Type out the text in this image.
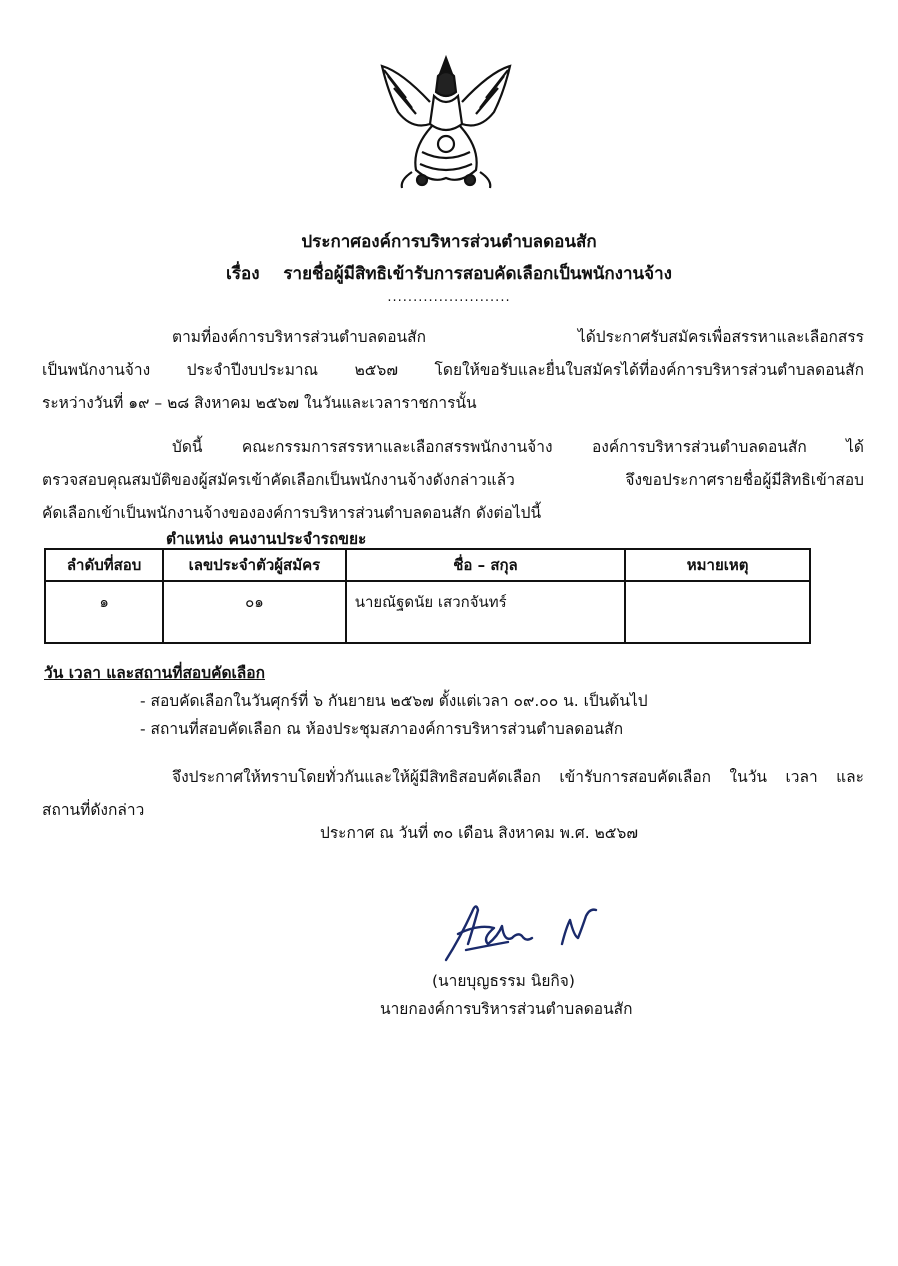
ประกาศองค์การบริหารส่วนตำบลดอนสัก
เรื่อง รายชื่อผู้มีสิทธิเข้ารับการสอบคัดเลือกเป็นพนักงานจ้าง
........................
ตามที่องค์การบริหารส่วนตำบลดอนสัก ได้ประกาศรับสมัครเพื่อสรรหาและเลือกสรร
เป็นพนักงานจ้าง ประจำปีงบประมาณ ๒๕๖๗ โดยให้ขอรับและยื่นใบสมัครได้ที่องค์การบริหารส่วนตำบลดอนสัก
ระหว่างวันที่ ๑๙ – ๒๘ สิงหาคม ๒๕๖๗ ในวันและเวลาราชการนั้น
บัดนี้ คณะกรรมการสรรหาและเลือกสรรพนักงานจ้าง องค์การบริหารส่วนตำบลดอนสัก ได้
ตรวจสอบคุณสมบัติของผู้สมัครเข้าคัดเลือกเป็นพนักงานจ้างดังกล่าวแล้ว จึงขอประกาศรายชื่อผู้มีสิทธิเข้าสอบ
คัดเลือกเข้าเป็นพนักงานจ้างขององค์การบริหารส่วนตำบลดอนสัก ดังต่อไปนี้
ตำแหน่ง คนงานประจำรถขยะ
ลำดับที่สอบ	เลขประจำตัวผู้สมัคร	ชื่อ – สกุล	หมายเหตุ
๑	๐๑	นายณัฐดนัย เสวกจันทร์	
วัน เวลา และสถานที่สอบคัดเลือก
- สอบคัดเลือกในวันศุกร์ที่ ๖ กันยายน ๒๕๖๗ ตั้งแต่เวลา ๐๙.๐๐ น. เป็นต้นไป
- สถานที่สอบคัดเลือก ณ ห้องประชุมสภาองค์การบริหารส่วนตำบลดอนสัก
จึงประกาศให้ทราบโดยทั่วกันและให้ผู้มีสิทธิสอบคัดเลือก เข้ารับการสอบคัดเลือก ในวัน เวลา และ
สถานที่ดังกล่าว
ประกาศ ณ วันที่ ๓๐ เดือน สิงหาคม พ.ศ. ๒๕๖๗
(นายบุญธรรม นิยกิจ)
นายกองค์การบริหารส่วนตำบลดอนสัก
